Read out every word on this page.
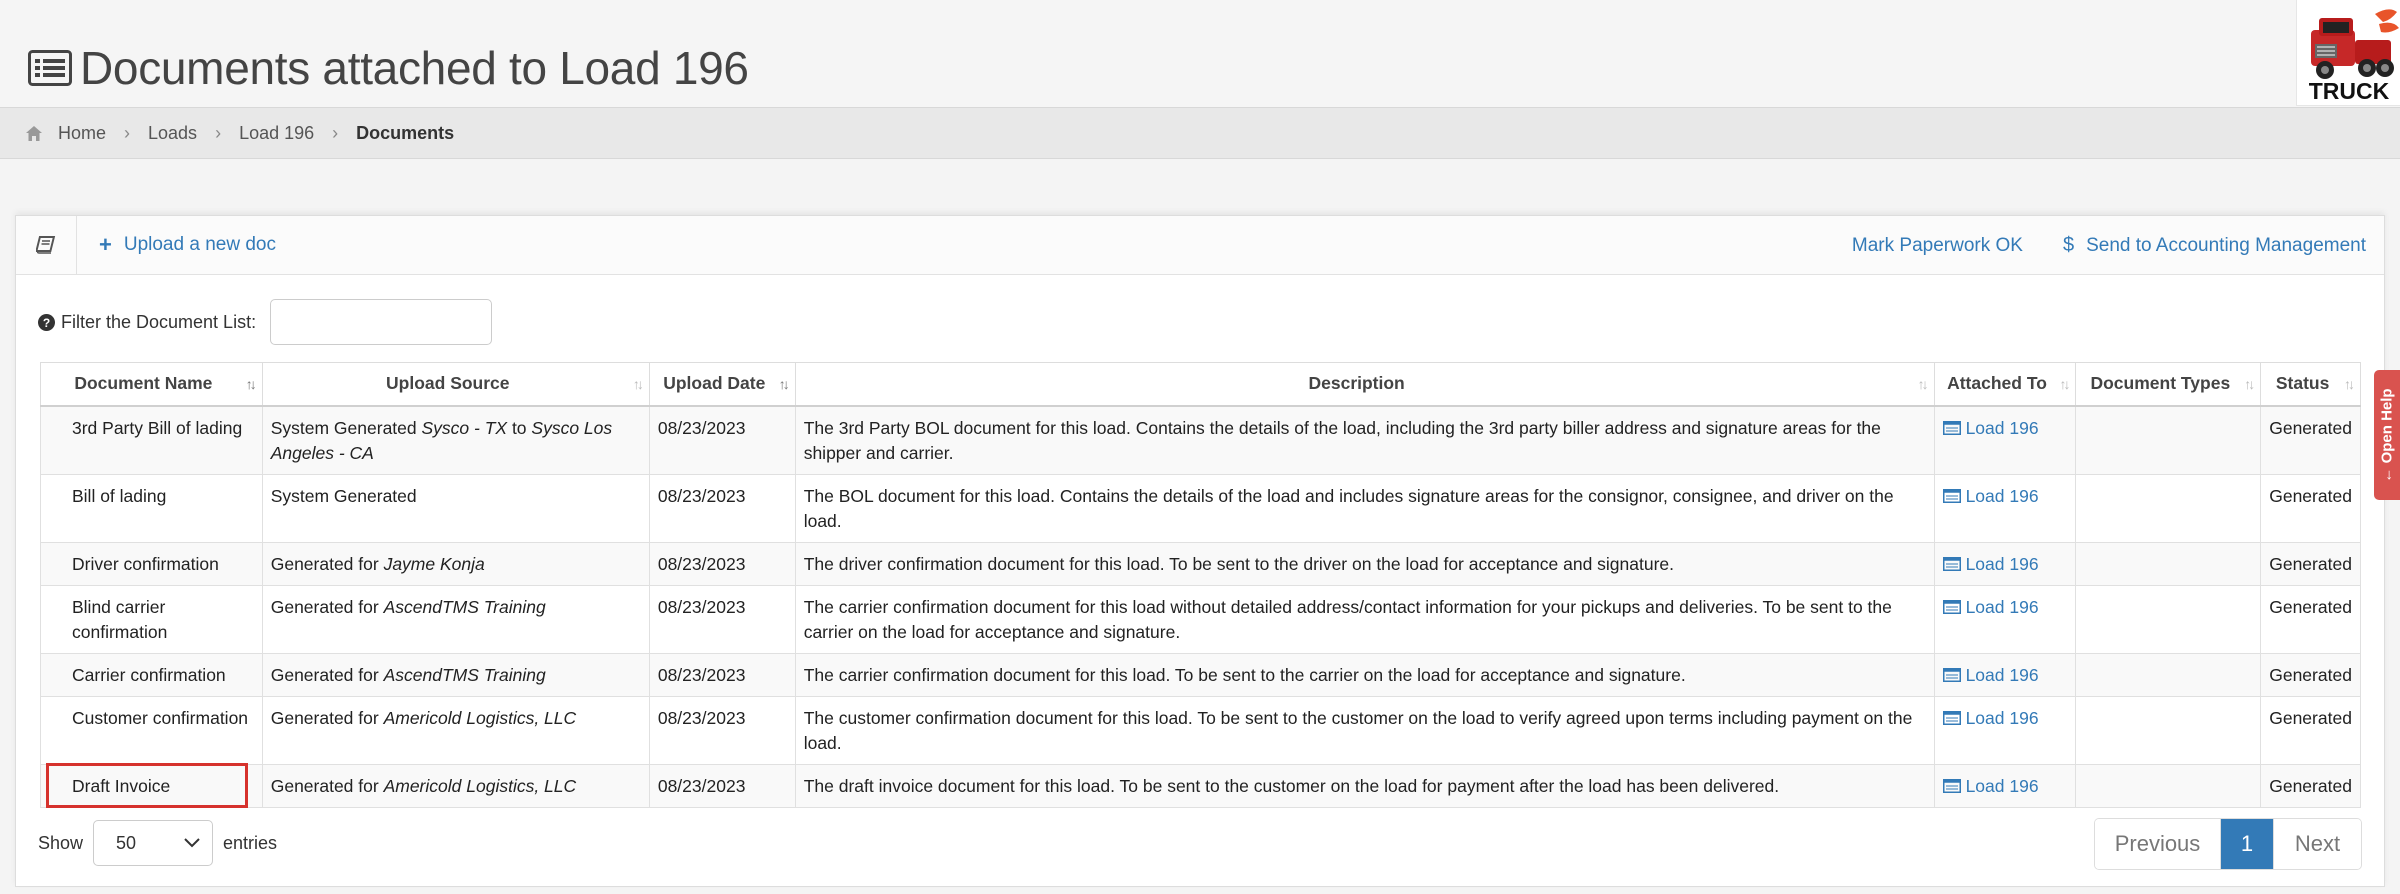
Documents attached to Load 196	TRUCK
Home › Loads › Load 196 › Documents
+ Upload a new doc	Mark Paperwork OK $ Send to Accounting Management
? Filter the Document List:
Document Name ↑↓	Upload Source ↑↓	Upload Date ↑↓	Description ↑↓	Attached To ↑↓	Document Types ↑↓	Status ↑↓

3rd Party Bill of lading	System Generated Sysco - TX to Sysco Los Angeles - CA	08/23/2023	The 3rd Party BOL document for this load. Contains the details of the load, including the 3rd party biller address and signature areas for the shipper and carrier.	Load 196		Generated
Bill of lading	System Generated	08/23/2023	The BOL document for this load. Contains the details of the load and includes signature areas for the consignor, consignee, and driver on the load.	Load 196		Generated
Driver confirmation	Generated for Jayme Konja	08/23/2023	The driver confirmation document for this load. To be sent to the driver on the load for acceptance and signature.	Load 196		Generated
Blind carrier confirmation	Generated for AscendTMS Training	08/23/2023	The carrier confirmation document for this load without detailed address/contact information for your pickups and deliveries. To be sent to the carrier on the load for acceptance and signature.	Load 196		Generated
Carrier confirmation	Generated for AscendTMS Training	08/23/2023	The carrier confirmation document for this load. To be sent to the carrier on the load for acceptance and signature.	Load 196		Generated
Customer confirmation	Generated for Americold Logistics, LLC	08/23/2023	The customer confirmation document for this load. To be sent to the customer on the load to verify agreed upon terms including payment on the load.	Load 196		Generated

Draft Invoice	Generated for Americold Logistics, LLC	08/23/2023	The draft invoice document for this load. To be sent to the customer on the load for payment after the load has been delivered.	Load 196		Generated
Show 50	entries	Previous	1	Next
← Open Help
